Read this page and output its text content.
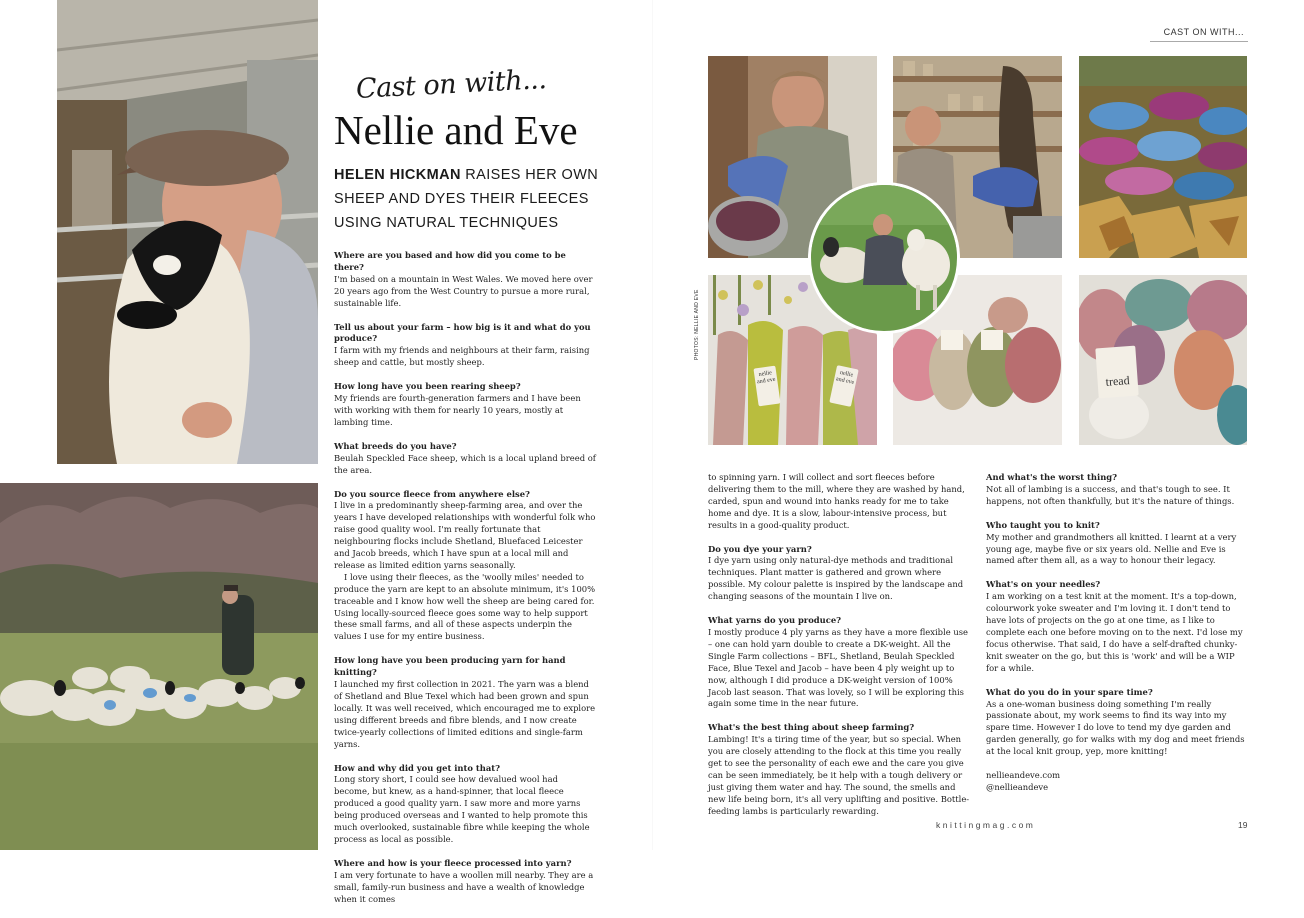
Cast on with...
Nellie and Eve
HELEN HICKMAN RAISES HER OWN SHEEP AND DYES THEIR FLEECES USING NATURAL TECHNIQUES

Where are you based and how did you come to be there?

I'm based on a mountain in West Wales. We moved here over 20 years ago from the West Country to pursue a more rural, sustainable life.

Tell us about your farm – how big is it and what do you produce?

I farm with my friends and neighbours at their farm, raising sheep and cattle, but mostly sheep.

How long have you been rearing sheep?

My friends are fourth-generation farmers and I have been with working with them for nearly 10 years, mostly at lambing time.

What breeds do you have?

Beulah Speckled Face sheep, which is a local upland breed of the area.

Do you source fleece from anywhere else?

I live in a predominantly sheep-farming area, and over the years I have developed relationships with wonderful folk who raise good quality wool. I'm really fortunate that neighbouring flocks include Shetland, Bluefaced Leicester and Jacob breeds, which I have spun at a local mill and release as limited edition yarns seasonally.

I love using their fleeces, as the 'woolly miles' needed to produce the yarn are kept to an absolute minimum, it's 100% traceable and I know how well the sheep are being cared for. Using locally-sourced fleece goes some way to help support these small farms, and all of these aspects underpin the values I use for my entire business.

How long have you been producing yarn for hand knitting?

I launched my first collection in 2021. The yarn was a blend of Shetland and Blue Texel which had been grown and spun locally. It was well received, which encouraged me to explore using different breeds and fibre blends, and I now create twice-yearly collections of limited editions and single-farm yarns.

How and why did you get into that?

Long story short, I could see how devalued wool had become, but knew, as a hand-spinner, that local fleece produced a good quality yarn. I saw more and more yarns being produced overseas and I wanted to help promote this much overlooked, sustainable fibre while keeping the whole process as local as possible.

Where and how is your fleece processed into yarn?

I am very fortunate to have a woollen mill nearby. They are a small, family-run business and have a wealth of knowledge when it comes

CAST ON WITH...
nellie and eve
nellie and eve	tread
PHOTOS: NELLIE AND EVE

to spinning yarn. I will collect and sort fleeces before delivering them to the mill, where they are washed by hand, carded, spun and wound into hanks ready for me to take home and dye. It is a slow, labour-intensive process, but results in a good-quality product.

Do you dye your yarn?

I dye yarn using only natural-dye methods and traditional techniques. Plant matter is gathered and grown where possible. My colour palette is inspired by the landscape and changing seasons of the mountain I live on.

What yarns do you produce?

I mostly produce 4 ply yarns as they have a more flexible use – one can hold yarn double to create a DK-weight. All the Single Farm collections – BFL, Shetland, Beulah Speckled Face, Blue Texel and Jacob – have been 4 ply weight up to now, although I did produce a DK-weight version of 100% Jacob last season. That was lovely, so I will be exploring this again some time in the near future.

What's the best thing about sheep farming?

Lambing! It's a tiring time of the year, but so special. When you are closely attending to the flock at this time you really get to see the personality of each ewe and the care you give can be seen immediately, be it help with a tough delivery or just giving them water and hay. The sound, the smells and new life being born, it's all very uplifting and positive. Bottle-feeding lambs is particularly rewarding.

And what's the worst thing?

Not all of lambing is a success, and that's tough to see. It happens, not often thankfully, but it's the nature of things.

Who taught you to knit?

My mother and grandmothers all knitted. I learnt at a very young age, maybe five or six years old. Nellie and Eve is named after them all, as a way to honour their legacy.

What's on your needles?

I am working on a test knit at the moment. It's a top-down, colourwork yoke sweater and I'm loving it. I don't tend to have lots of projects on the go at one time, as I like to complete each one before moving on to the next. I'd lose my focus otherwise. That said, I do have a self-drafted chunky-knit sweater on the go, but this is 'work' and will be a WIP for a while.

What do you do in your spare time?

As a one-woman business doing something I'm really passionate about, my work seems to find its way into my spare time. However I do love to tend my dye garden and garden generally, go for walks with my dog and meet friends at the local knit group, yep, more knitting!

nellieandeve.com

@nellieandeve

knittingmag.com	19
